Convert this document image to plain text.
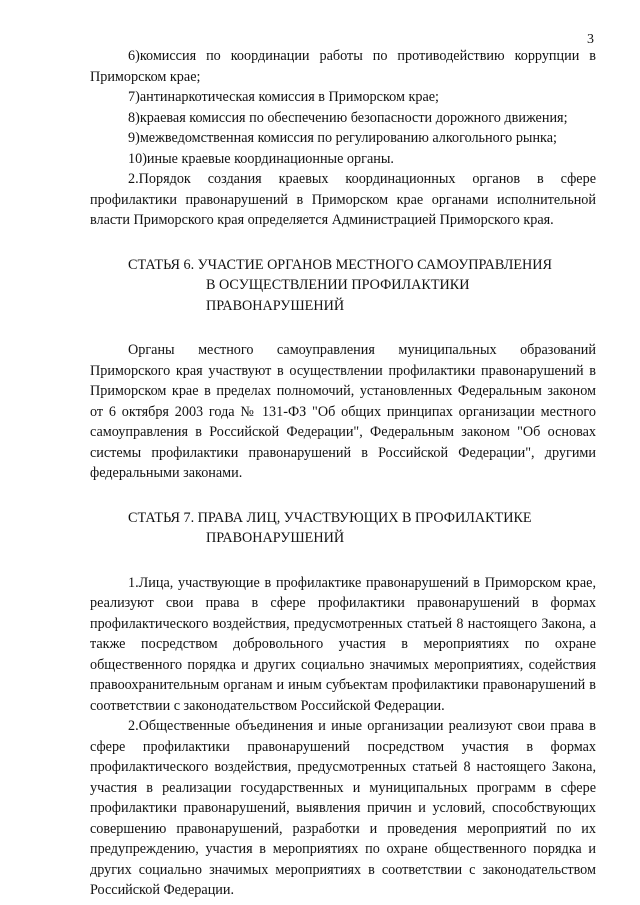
3

6)комиссия по координации работы по противодействию коррупции в Приморском крае;

7)антинаркотическая комиссия в Приморском крае;

8)краевая комиссия по обеспечению безопасности дорожного движения;

9)межведомственная комиссия по регулированию алкогольного рынка;

10)иные краевые координационные органы.

2.Порядок создания краевых координационных органов в сфере профилактики правонарушений в Приморском крае органами исполнительной власти Приморского края определяется Администрацией Приморского края.

СТАТЬЯ 6. УЧАСТИЕ ОРГАНОВ МЕСТНОГО САМОУПРАВЛЕНИЯ
В ОСУЩЕСТВЛЕНИИ ПРОФИЛАКТИКИ
ПРАВОНАРУШЕНИЙ

Органы местного самоуправления муниципальных образований Приморского края участвуют в осуществлении профилактики правонарушений в Приморском крае в пределах полномочий, установленных Федеральным законом от 6 октября 2003 года № 131-ФЗ "Об общих принципах организации местного самоуправления в Российской Федерации", Федеральным законом "Об основах системы профилактики правонарушений в Российской Федерации", другими федеральными законами.

СТАТЬЯ 7. ПРАВА ЛИЦ, УЧАСТВУЮЩИХ В ПРОФИЛАКТИКЕ
ПРАВОНАРУШЕНИЙ

1.Лица, участвующие в профилактике правонарушений в Приморском крае, реализуют свои права в сфере профилактики правонарушений в формах профилактического воздействия, предусмотренных статьей 8 настоящего Закона, а также посредством добровольного участия в мероприятиях по охране общественного порядка и других социально значимых мероприятиях, содействия правоохранительным органам и иным субъектам профилактики правонарушений в соответствии с законодательством Российской Федерации.

2.Общественные объединения и иные организации реализуют свои права в сфере профилактики правонарушений посредством участия в формах профилактического воздействия, предусмотренных статьей 8 настоящего Закона, участия в реализации государственных и муниципальных программ в сфере профилактики правонарушений, выявления причин и условий, способствующих совершению правонарушений, разработки и проведения мероприятий по их предупреждению, участия в мероприятиях по охране общественного порядка и других социально значимых мероприятиях в соответствии с законодательством Российской Федерации.
